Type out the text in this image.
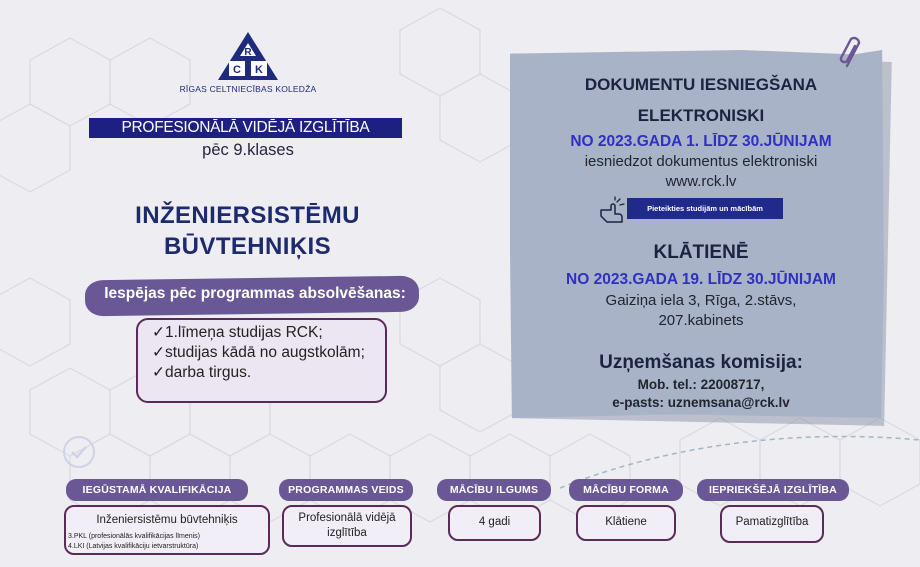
R
C K
RĪGAS CELTNIECĪBAS KOLEDŽA
PROFESIONĀLĀ VIDĒJĀ IZGLĪTĪBA
pēc 9.klases
INŽENIERSISTĒMU
BŪVTEHNIĶIS
Iespējas pēc programmas absolvēšanas:
✓1.līmeņa studijas RCK;
✓studijas kādā no augstkolām;
✓darba tirgus.
DOKUMENTU IESNIEGŠANA
ELEKTRONISKI
NO 2023.GADA 1. LĪDZ 30.JŪNIJAM
iesniedzot dokumentus elektroniski
www.rck.lv
Pieteikties studijām un mācībām
KLĀTIENĒ
NO 2023.GADA 19. LĪDZ 30.JŪNIJAM
Gaiziņa iela 3, Rīga, 2.stāvs,
207.kabinets
Uzņemšanas komisija:
Mob. tel.: 22008717,
e-pasts: uznemsana@rck.lv
IEGŪSTAMĀ KVALIFIKĀCIJA
Inženiersistēmu būvtehniķis
3.PKL (profesionālās kvalifikācijas līmenis)
4.LKI (Latvijas kvalifikāciju ietvarstruktūra)
PROGRAMMAS VEIDS
Profesionālā vidējā izglītība
MĀCĪBU ILGUMS
4 gadi
MĀCĪBU FORMA
Klātiene
IEPRIEKŠĒJĀ IZGLĪTĪBA
Pamatizglītība
